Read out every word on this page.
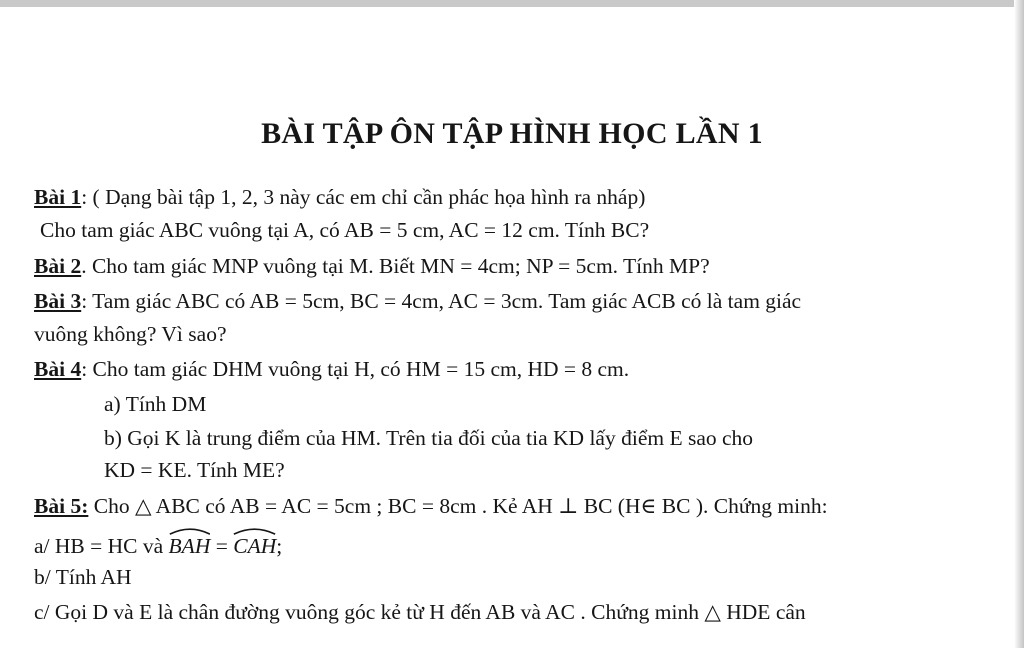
BÀI TẬP ÔN TẬP HÌNH HỌC LẦN 1
Bài 1: ( Dạng bài tập 1, 2, 3 này các em chỉ cần phác họa hình ra nháp)
Cho tam giác ABC vuông tại A, có AB = 5 cm, AC = 12 cm. Tính BC?
Bài 2. Cho tam giác MNP vuông tại M. Biết MN = 4cm; NP = 5cm. Tính MP?
Bài 3: Tam giác ABC có AB = 5cm, BC = 4cm, AC = 3cm. Tam giác ACB có là tam giác
vuông không? Vì sao?
Bài 4: Cho tam giác DHM vuông tại H, có HM = 15 cm, HD = 8 cm.
a) Tính DM
b) Gọi K là trung điểm của HM. Trên tia đối của tia KD lấy điểm E sao cho
KD = KE. Tính ME?
Bài 5: Cho △ ABC có AB = AC = 5cm ; BC = 8cm . Kẻ AH ⊥ BC (H∈ BC ). Chứng minh:
a/ HB = HC và
BAH =
CAH;
b/ Tính AH
c/ Gọi D và E là chân đường vuông góc kẻ từ H đến AB và AC . Chứng minh △ HDE cân
